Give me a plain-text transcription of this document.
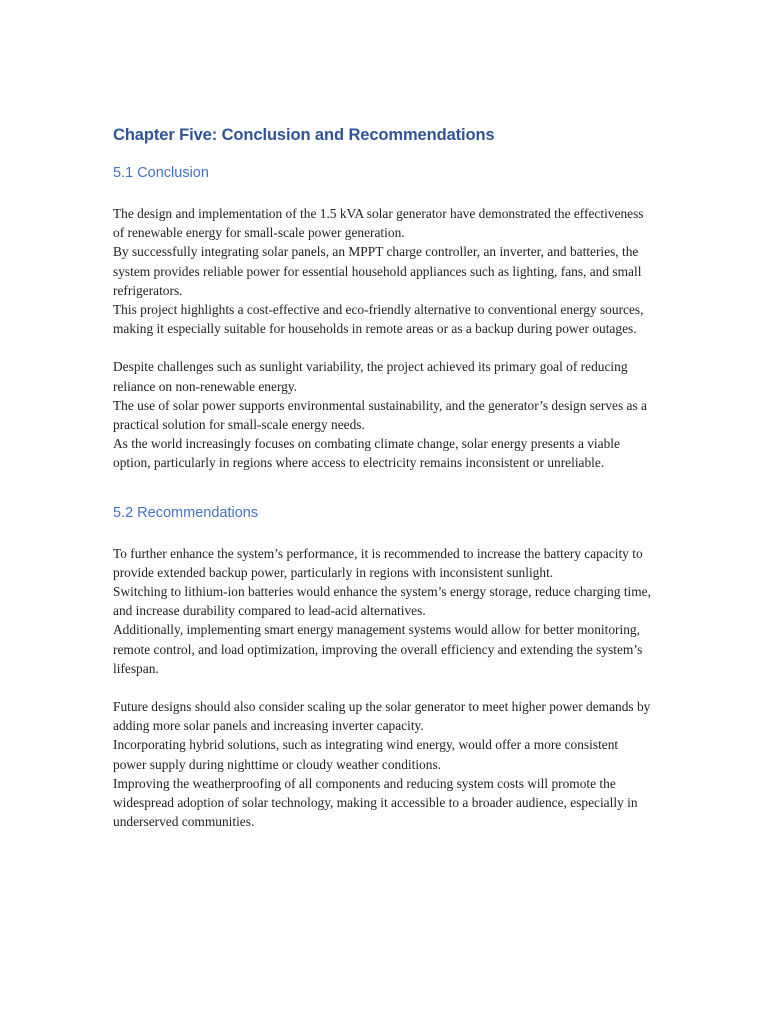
Chapter Five: Conclusion and Recommendations
5.1 Conclusion

The design and implementation of the 1.5 kVA solar generator have demonstrated the effectiveness of renewable energy for small-scale power generation.

By successfully integrating solar panels, an MPPT charge controller, an inverter, and batteries, the system provides reliable power for essential household appliances such as lighting, fans, and small refrigerators.

This project highlights a cost-effective and eco-friendly alternative to conventional energy sources, making it especially suitable for households in remote areas or as a backup during power outages.

Despite challenges such as sunlight variability, the project achieved its primary goal of reducing reliance on non-renewable energy.

The use of solar power supports environmental sustainability, and the generator’s design serves as a practical solution for small-scale energy needs.

As the world increasingly focuses on combating climate change, solar energy presents a viable option, particularly in regions where access to electricity remains inconsistent or unreliable.

5.2 Recommendations

To further enhance the system’s performance, it is recommended to increase the battery capacity to provide extended backup power, particularly in regions with inconsistent sunlight.

Switching to lithium-ion batteries would enhance the system’s energy storage, reduce charging time, and increase durability compared to lead-acid alternatives.

Additionally, implementing smart energy management systems would allow for better monitoring, remote control, and load optimization, improving the overall efficiency and extending the system’s lifespan.

Future designs should also consider scaling up the solar generator to meet higher power demands by adding more solar panels and increasing inverter capacity.

Incorporating hybrid solutions, such as integrating wind energy, would offer a more consistent power supply during nighttime or cloudy weather conditions.

Improving the weatherproofing of all components and reducing system costs will promote the widespread adoption of solar technology, making it accessible to a broader audience, especially in underserved communities.
